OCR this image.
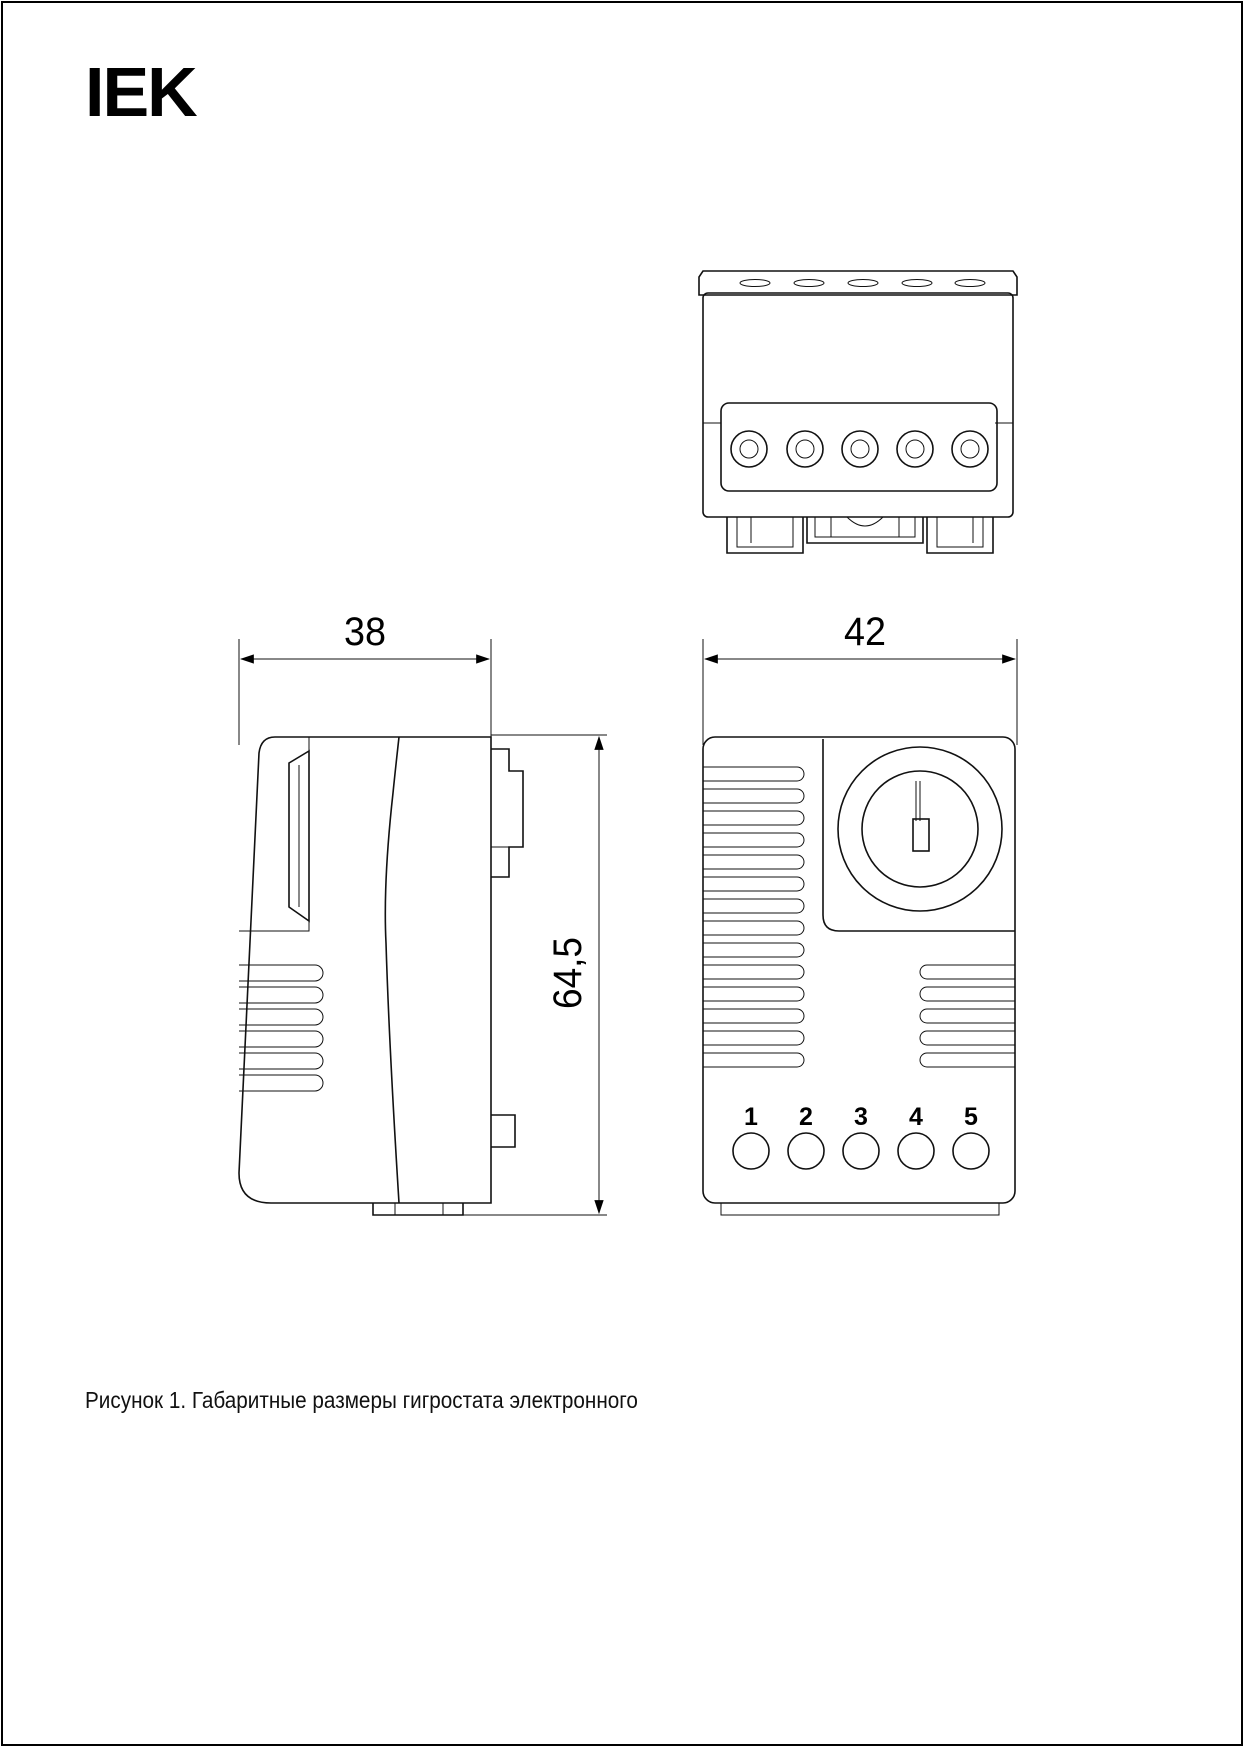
IEK
1 2 3 4 5
38	42
64,5
Рисунок 1. Габаритные размеры гигростата электронного
